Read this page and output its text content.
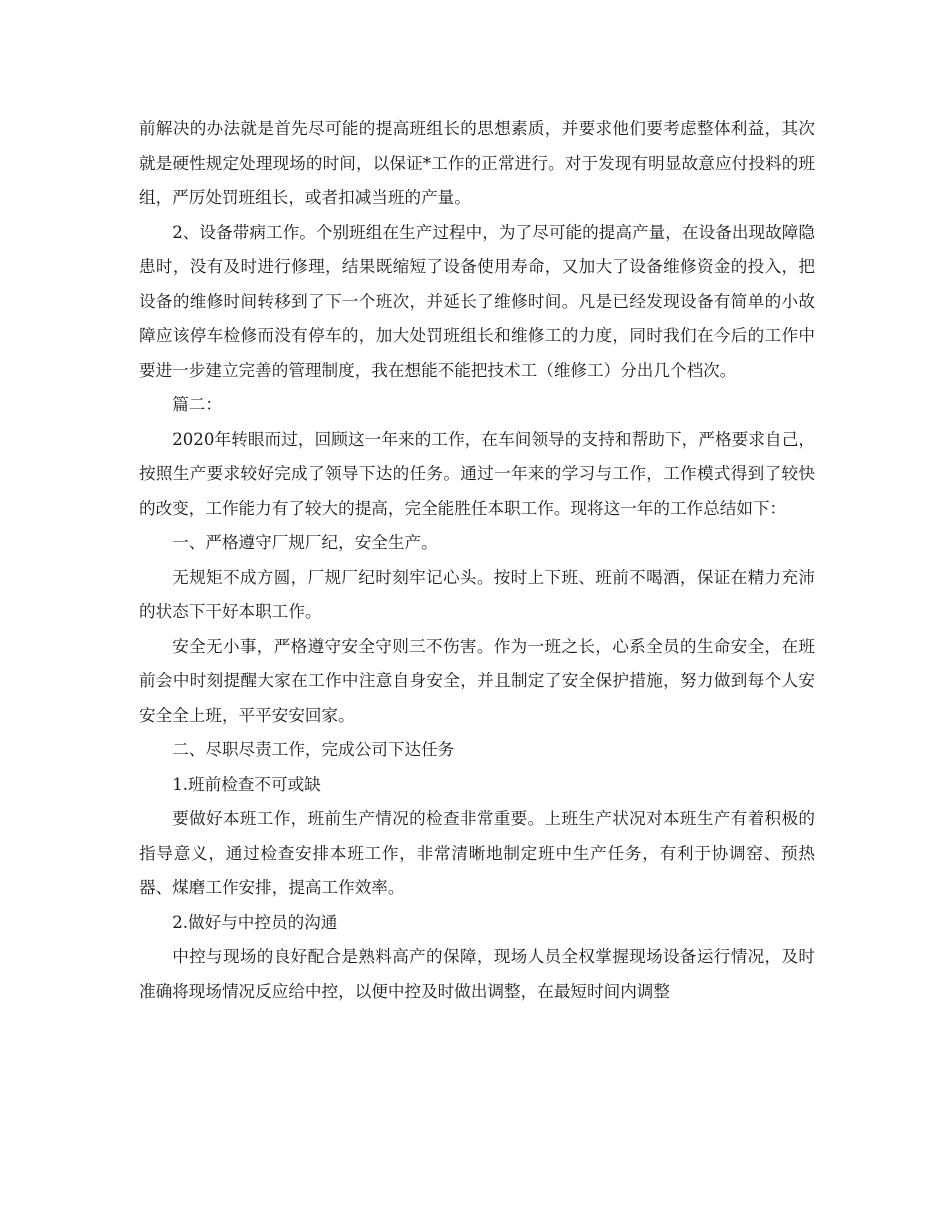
前解决的办法就是首先尽可能的提高班组长的思想素质，并要求他们要考虑整体利益，其次就是硬性规定处理现场的时间，以保证*工作的正常进行。对于发现有明显故意应付投料的班组，严厉处罚班组长，或者扣减当班的产量。

2、设备带病工作。个别班组在生产过程中，为了尽可能的提高产量，在设备出现故障隐患时，没有及时进行修理，结果既缩短了设备使用寿命，又加大了设备维修资金的投入，把设备的维修时间转移到了下一个班次，并延长了维修时间。凡是已经发现设备有简单的小故障应该停车检修而没有停车的，加大处罚班组长和维修工的力度，同时我们在今后的工作中要进一步建立完善的管理制度，我在想能不能把技术工（维修工）分出几个档次。

篇二：

2020年转眼而过，回顾这一年来的工作，在车间领导的支持和帮助下，严格要求自己，按照生产要求较好完成了领导下达的任务。通过一年来的学习与工作，工作模式得到了较快的改变，工作能力有了较大的提高，完全能胜任本职工作。现将这一年的工作总结如下：

一、严格遵守厂规厂纪，安全生产。

无规矩不成方圆，厂规厂纪时刻牢记心头。按时上下班、班前不喝酒，保证在精力充沛的状态下干好本职工作。

安全无小事，严格遵守安全守则三不伤害。作为一班之长，心系全员的生命安全，在班前会中时刻提醒大家在工作中注意自身安全，并且制定了安全保护措施，努力做到每个人安安全全上班，平平安安回家。

二、尽职尽责工作，完成公司下达任务

1.班前检查不可或缺

要做好本班工作，班前生产情况的检查非常重要。上班生产状况对本班生产有着积极的指导意义，通过检查安排本班工作，非常清晰地制定班中生产任务，有利于协调窑、预热器、煤磨工作安排，提高工作效率。

2.做好与中控员的沟通

中控与现场的良好配合是熟料高产的保障，现场人员全权掌握现场设备运行情况，及时准确将现场情况反应给中控，以便中控及时做出调整，在最短时间内调整
